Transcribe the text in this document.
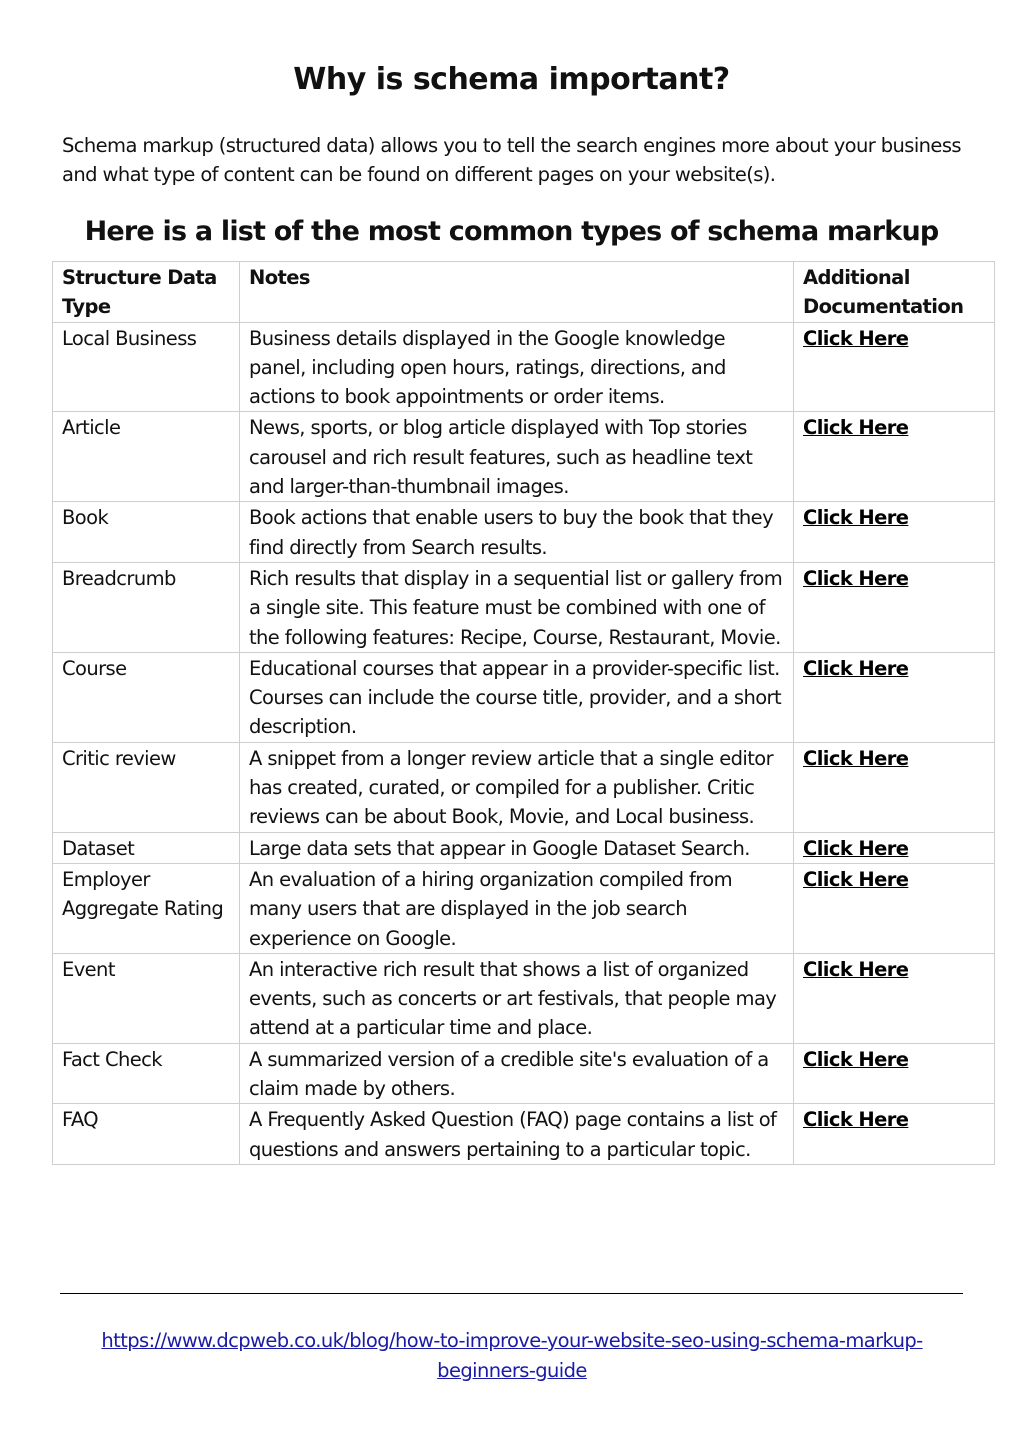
Why is schema important?

Schema markup (structured data) allows you to tell the search engines more about your business and what type of content can be found on different pages on your website(s).

Here is a list of the most common types of schema markup
Structure Data Type	Notes	Additional Documentation
Local Business	Business details displayed in the Google knowledge panel, including open hours, ratings, directions, and actions to book appointments or order items.	Click Here
Article	News, sports, or blog article displayed with Top stories carousel and rich result features, such as headline text and larger-than-thumbnail images.	Click Here
Book	Book actions that enable users to buy the book that they find directly from Search results.	Click Here
Breadcrumb	Rich results that display in a sequential list or gallery from a single site. This feature must be combined with one of the following features: Recipe, Course, Restaurant, Movie.	Click Here
Course	Educational courses that appear in a provider-specific list. Courses can include the course title, provider, and a short description.	Click Here
Critic review	A snippet from a longer review article that a single editor has created, curated, or compiled for a publisher. Critic reviews can be about Book, Movie, and Local business.	Click Here
Dataset	Large data sets that appear in Google Dataset Search.	Click Here
Employer Aggregate Rating	An evaluation of a hiring organization compiled from many users that are displayed in the job search experience on Google.	Click Here
Event	An interactive rich result that shows a list of organized events, such as concerts or art festivals, that people may attend at a particular time and place.	Click Here
Fact Check	A summarized version of a credible site's evaluation of a claim made by others.	Click Here
FAQ	A Frequently Asked Question (FAQ) page contains a list of questions and answers pertaining to a particular topic.	Click Here
https://www.dcpweb.co.uk/blog/how-to-improve-your-website-seo-using-schema-markup-beginners-guide
